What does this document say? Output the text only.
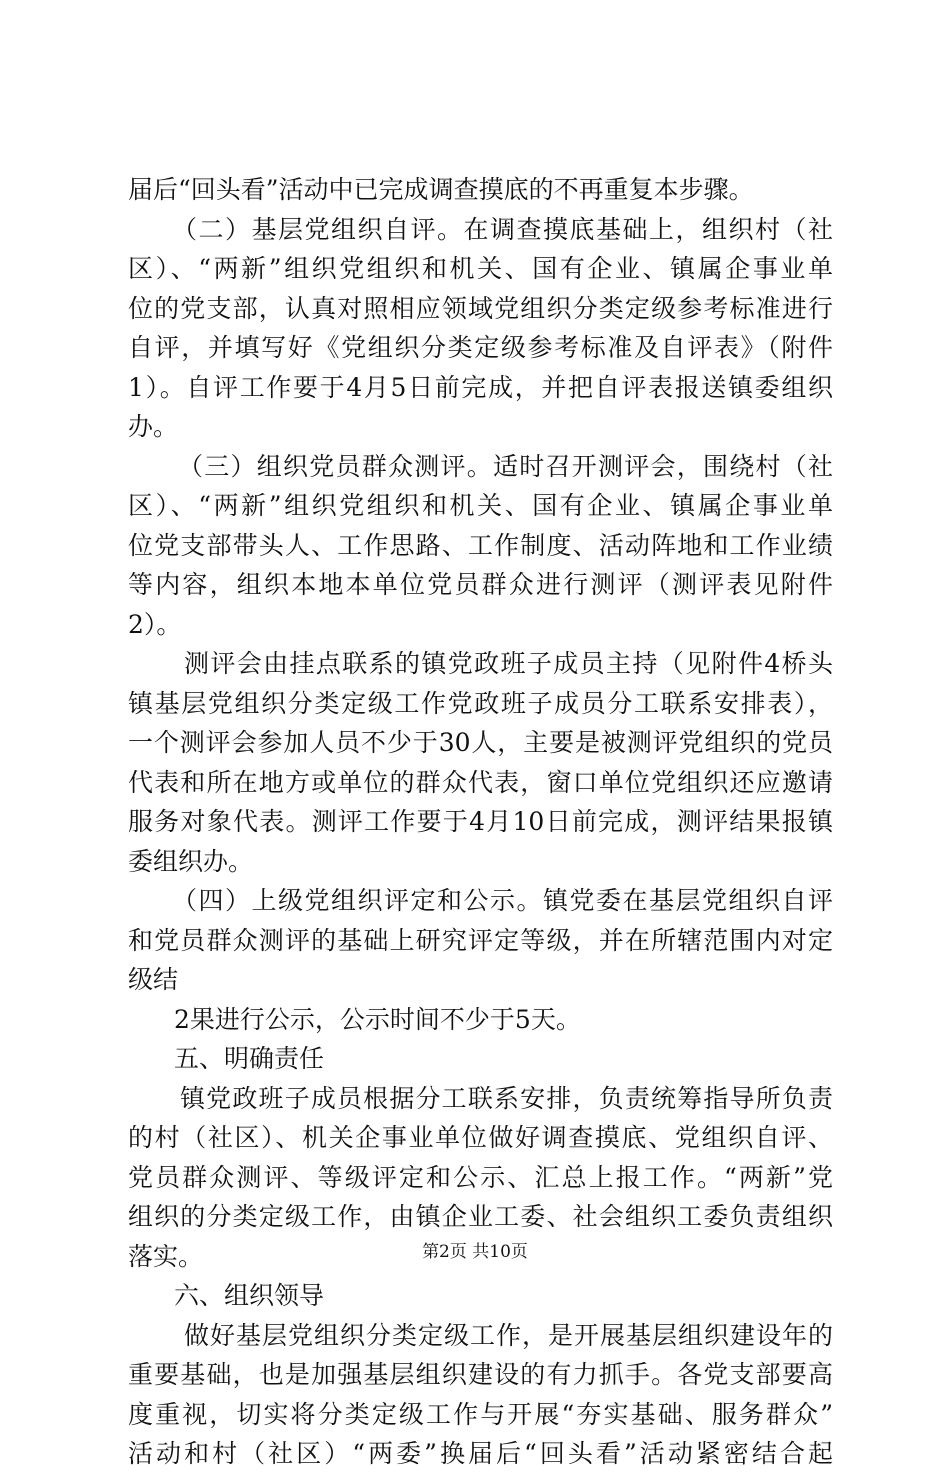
届后“回头看”活动中已完成调查摸底的不再重复本步骤。
（二）基层党组织自评。在调查摸底基础上，组织村（社
区）、“两新”组织党组织和机关、国有企业、镇属企事业单
位的党支部，认真对照相应领域党组织分类定级参考标准进行
自评，并填写好《党组织分类定级参考标准及自评表》（附件
1）。自评工作要于4月5日前完成，并把自评表报送镇委组织
办。
（三）组织党员群众测评。适时召开测评会，围绕村（社
区）、“两新”组织党组织和机关、国有企业、镇属企事业单
位党支部带头人、工作思路、工作制度、活动阵地和工作业绩
等内容，组织本地本单位党员群众进行测评（测评表见附件
2）。
测评会由挂点联系的镇党政班子成员主持（见附件4桥头
镇基层党组织分类定级工作党政班子成员分工联系安排表），
一个测评会参加人员不少于30人，主要是被测评党组织的党员
代表和所在地方或单位的群众代表，窗口单位党组织还应邀请
服务对象代表。测评工作要于4月10日前完成，测评结果报镇
委组织办。
（四）上级党组织评定和公示。镇党委在基层党组织自评
和党员群众测评的基础上研究评定等级，并在所辖范围内对定
级结
2果进行公示，公示时间不少于5天。
五、明确责任
镇党政班子成员根据分工联系安排，负责统筹指导所负责
的村（社区）、机关企事业单位做好调查摸底、党组织自评、
党员群众测评、等级评定和公示、汇总上报工作。“两新”党
组织的分类定级工作，由镇企业工委、社会组织工委负责组织
落实。
六、组织领导
做好基层党组织分类定级工作，是开展基层组织建设年的
重要基础，也是加强基层组织建设的有力抓手。各党支部要高
度重视，切实将分类定级工作与开展“夯实基础、服务群众”
活动和村（社区）“两委”换届后“回头看”活动紧密结合起
第2页 共10页
